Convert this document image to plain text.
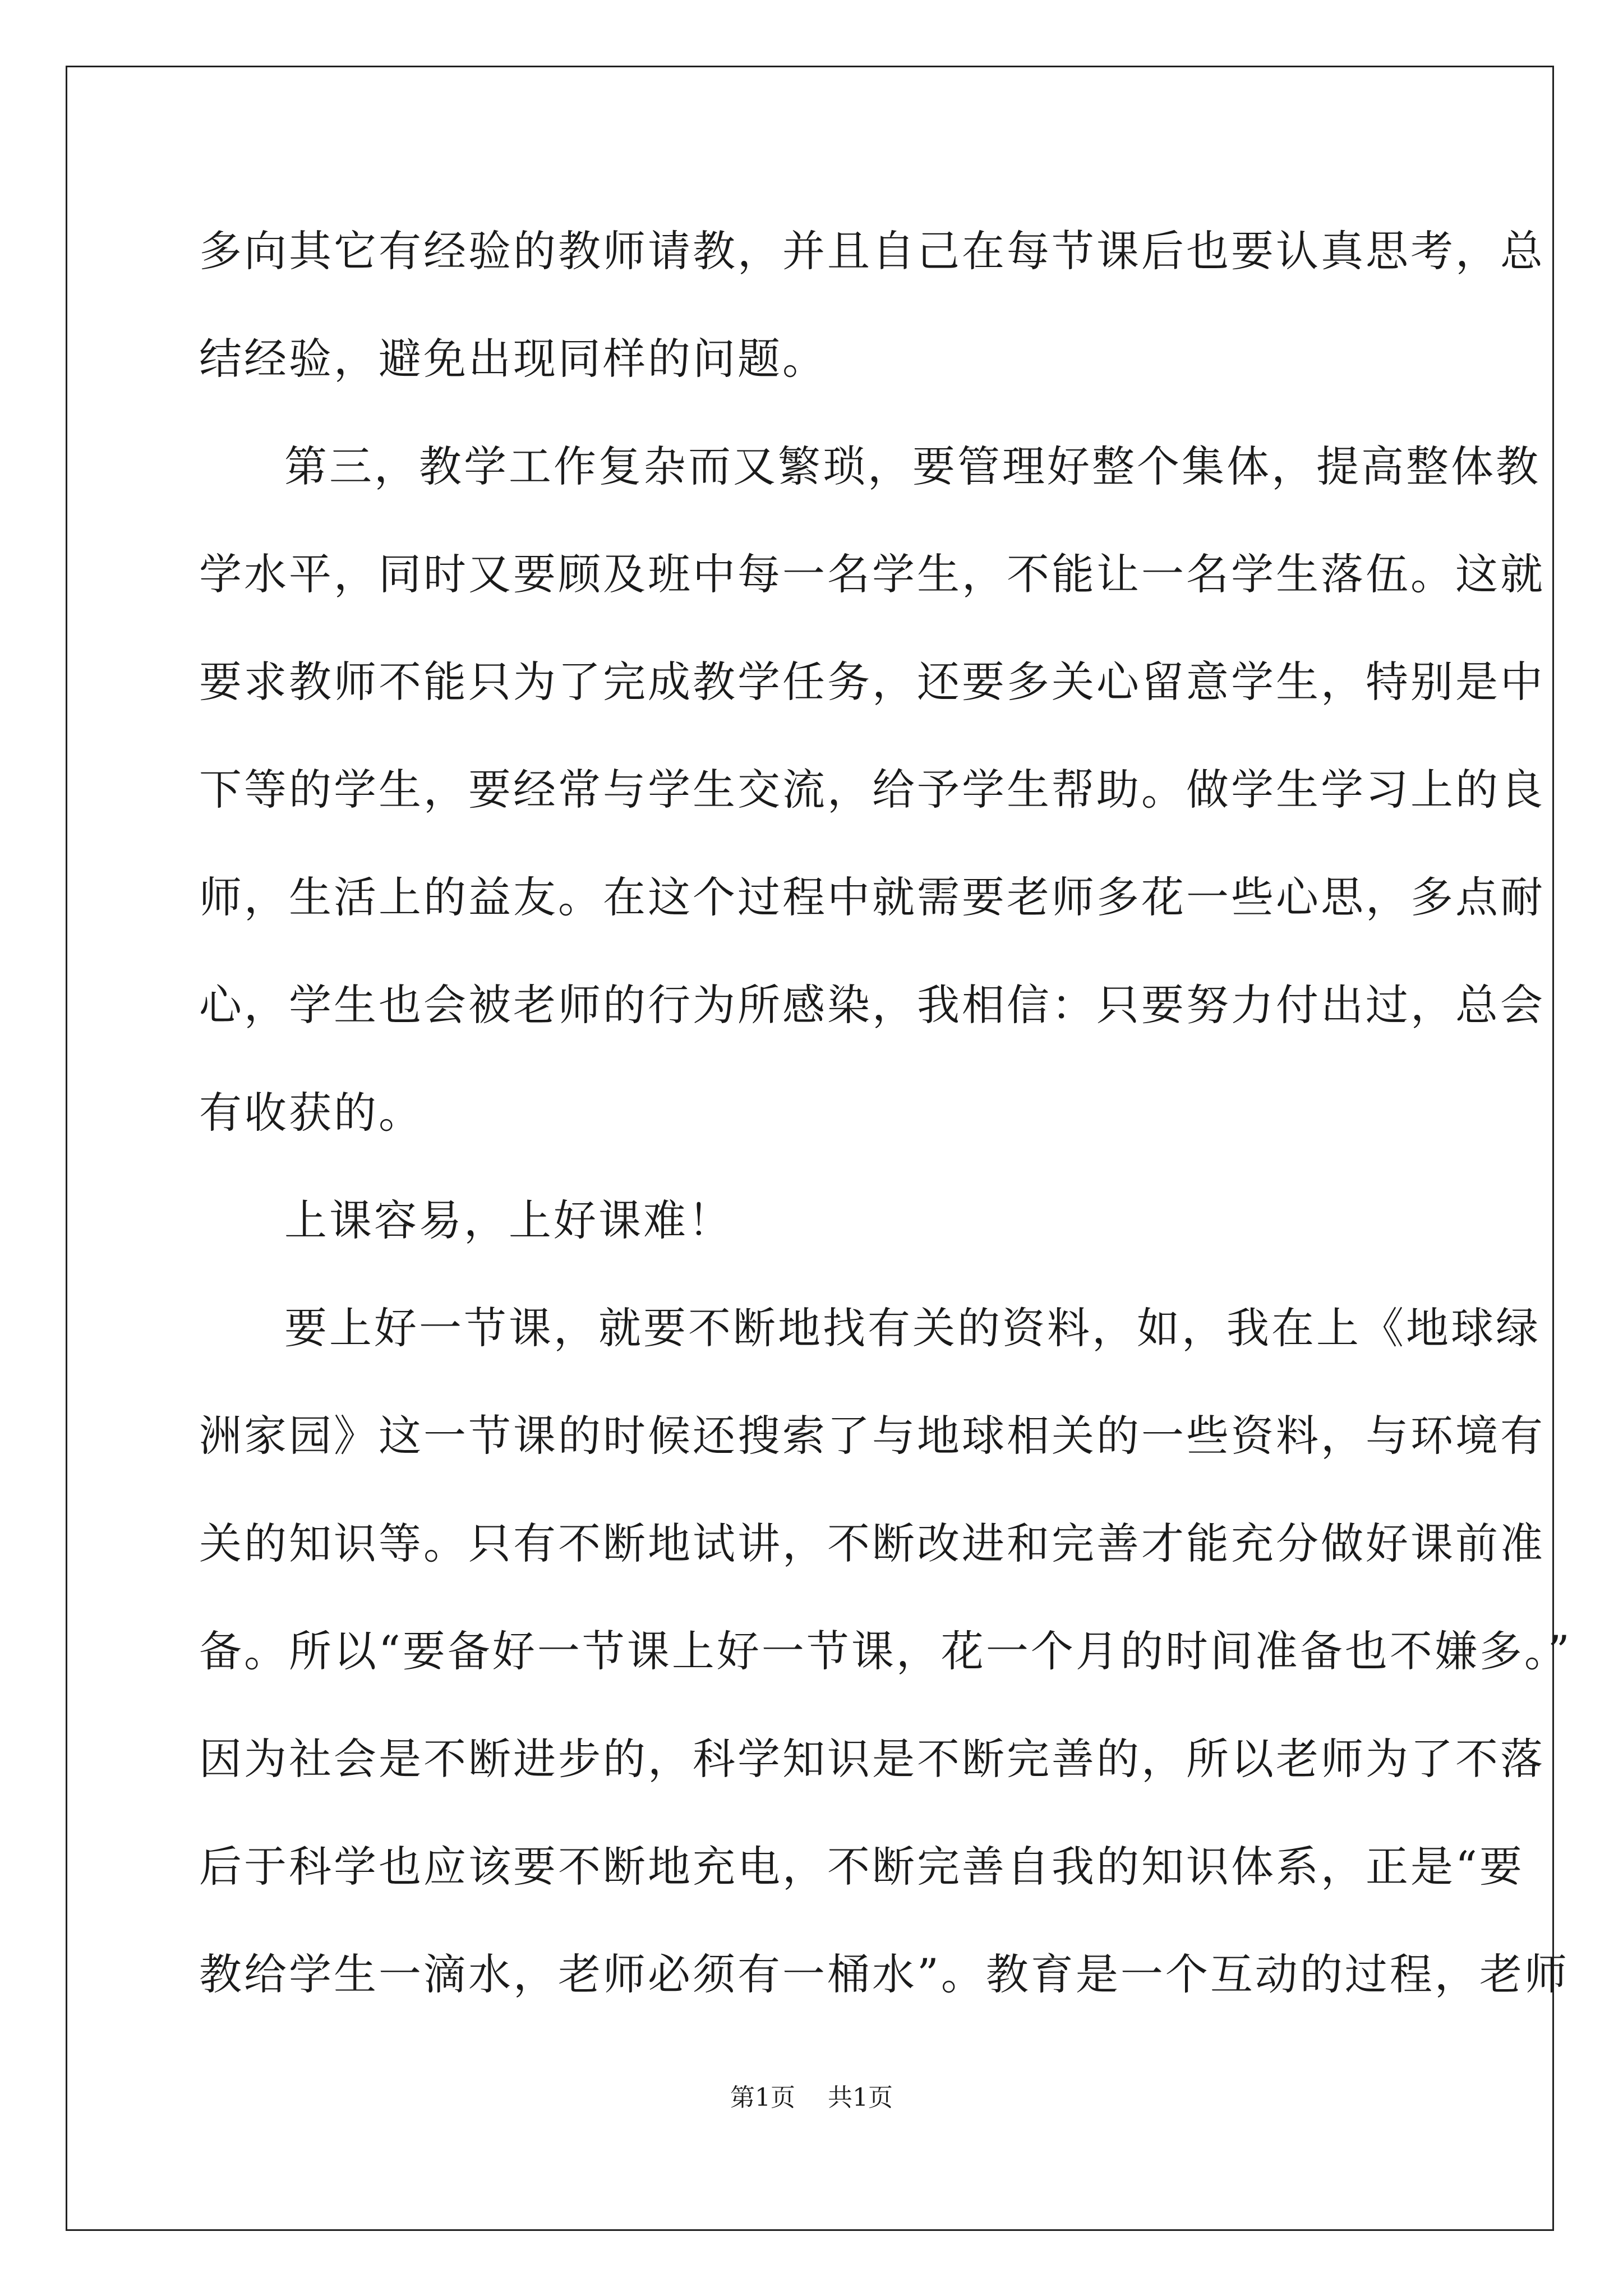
多向其它有经验的教师请教，并且自己在每节课后也要认真思考，总
结经验，避免出现同样的问题。
第三，教学工作复杂而又繁琐，要管理好整个集体，提高整体教
学水平，同时又要顾及班中每一名学生，不能让一名学生落伍。这就
要求教师不能只为了完成教学任务，还要多关心留意学生，特别是中
下等的学生，要经常与学生交流，给予学生帮助。做学生学习上的良
师，生活上的益友。在这个过程中就需要老师多花一些心思，多点耐
心，学生也会被老师的行为所感染，我相信：只要努力付出过，总会
有收获的。
上课容易，上好课难！
要上好一节课，就要不断地找有关的资料，如，我在上《地球绿
洲家园》这一节课的时候还搜索了与地球相关的一些资料，与环境有
关的知识等。只有不断地试讲，不断改进和完善才能充分做好课前准
备。所以“要备好一节课上好一节课，花一个月的时间准备也不嫌多。”
因为社会是不断进步的，科学知识是不断完善的，所以老师为了不落
后于科学也应该要不断地充电，不断完善自我的知识体系，正是“要
教给学生一滴水，老师必须有一桶水”。教育是一个互动的过程，老师
第1页 共1页
